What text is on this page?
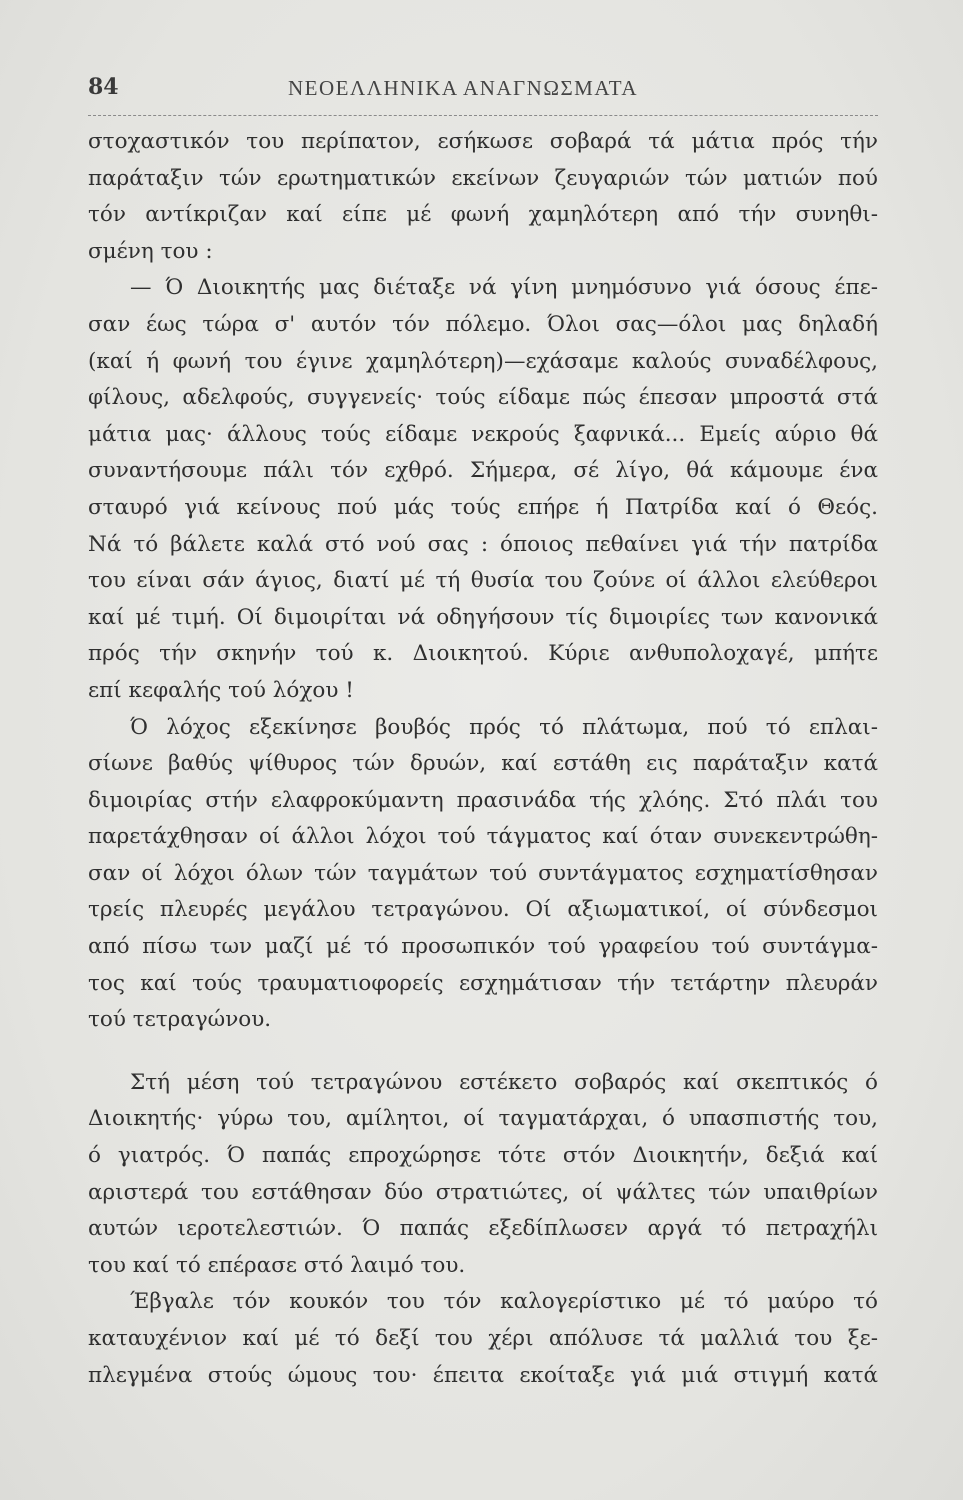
84	ΝΕΟΕΛΛΗΝΙΚΑ ΑΝΑΓΝΩΣΜΑΤΑ
στοχαστικόν του περίπατον, εσήκωσε σοβαρά τά μάτια πρός τήν
παράταξιν τών ερωτηματικών εκείνων ζευγαριών τών ματιών πού
τόν αντίκριζαν καί είπε μέ φωνή χαμηλότερη από τήν συνηθι-
σμένη του :
— Ό Διοικητής μας διέταξε νά γίνη μνημόσυνο γιά όσους έπε-
σαν έως τώρα σ' αυτόν τόν πόλεμο. Όλοι σας—όλοι μας δηλαδή
(καί ή φωνή του έγινε χαμηλότερη)—εχάσαμε καλούς συναδέλφους,
φίλους, αδελφούς, συγγενείς· τούς είδαμε πώς έπεσαν μπροστά στά
μάτια μας· άλλους τούς είδαμε νεκρούς ξαφνικά... Εμείς αύριο θά
συναντήσουμε πάλι τόν εχθρό. Σήμερα, σέ λίγο, θά κάμουμε ένα
σταυρό γιά κείνους πού μάς τούς επήρε ή Πατρίδα καί ό Θεός.
Νά τό βάλετε καλά στό νού σας : όποιος πεθαίνει γιά τήν πατρίδα
του είναι σάν άγιος, διατί μέ τή θυσία του ζούνε οί άλλοι ελεύθεροι
καί μέ τιμή. Οί διμοιρίται νά οδηγήσουν τίς διμοιρίες των κανονικά
πρός τήν σκηνήν τού κ. Διοικητού. Κύριε ανθυπολοχαγέ, μπήτε
επί κεφαλής τού λόχου !
Ό λόχος εξεκίνησε βουβός πρός τό πλάτωμα, πού τό επλαι-
σίωνε βαθύς ψίθυρος τών δρυών, καί εστάθη εις παράταξιν κατά
διμοιρίας στήν ελαφροκύμαντη πρασινάδα τής χλόης. Στό πλάι του
παρετάχθησαν οί άλλοι λόχοι τού τάγματος καί όταν συνεκεντρώθη-
σαν οί λόχοι όλων τών ταγμάτων τού συντάγματος εσχηματίσθησαν
τρείς πλευρές μεγάλου τετραγώνου. Οί αξιωματικοί, οί σύνδεσμοι
από πίσω των μαζί μέ τό προσωπικόν τού γραφείου τού συντάγμα-
τος καί τούς τραυματιοφορείς εσχημάτισαν τήν τετάρτην πλευράν
τού τετραγώνου.
Στή μέση τού τετραγώνου εστέκετο σοβαρός καί σκεπτικός ό
Διοικητής· γύρω του, αμίλητοι, οί ταγματάρχαι, ό υπασπιστής του,
ό γιατρός. Ό παπάς επροχώρησε τότε στόν Διοικητήν, δεξιά καί
αριστερά του εστάθησαν δύο στρατιώτες, οί ψάλτες τών υπαιθρίων
αυτών ιεροτελεστιών. Ό παπάς εξεδίπλωσεν αργά τό πετραχήλι
του καί τό επέρασε στό λαιμό του.
Έβγαλε τόν κουκόν του τόν καλογερίστικο μέ τό μαύρο τό
καταυχένιον καί μέ τό δεξί του χέρι απόλυσε τά μαλλιά του ξε-
πλεγμένα στούς ώμους του· έπειτα εκοίταξε γιά μιά στιγμή κατά
